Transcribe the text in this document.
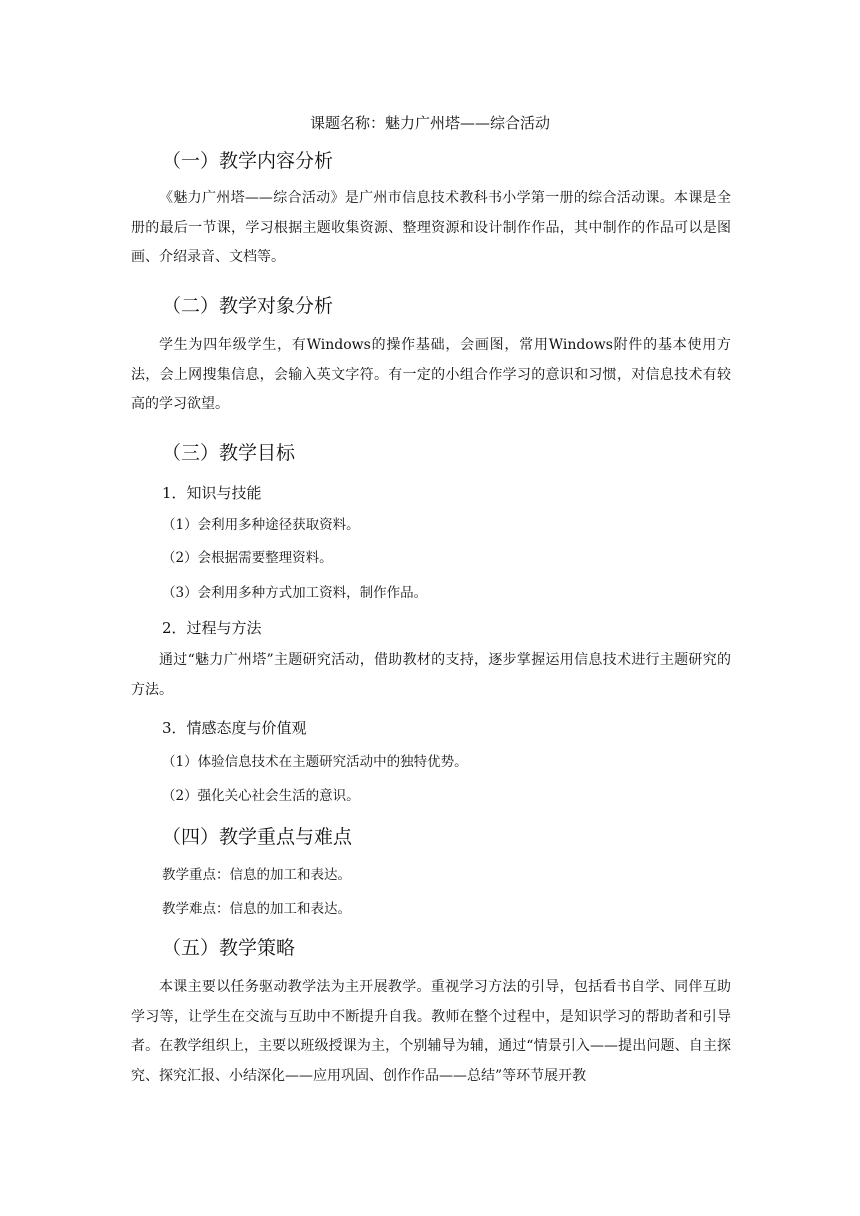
课题名称：魅力广州塔——综合活动
（一）教学内容分析
《魅力广州塔——综合活动》是广州市信息技术教科书小学第一册的综合活动课。本课是全册的最后一节课，学习根据主题收集资源、整理资源和设计制作作品，其中制作的作品可以是图画、介绍录音、文档等。
（二）教学对象分析
学生为四年级学生，有Windows的操作基础，会画图，常用Windows附件的基本使用方法，会上网搜集信息，会输入英文字符。有一定的小组合作学习的意识和习惯，对信息技术有较高的学习欲望。
（三）教学目标
1．知识与技能
（1）会利用多种途径获取资料。
（2）会根据需要整理资料。
（3）会利用多种方式加工资料，制作作品。
2．过程与方法
通过“魅力广州塔”主题研究活动，借助教材的支持，逐步掌握运用信息技术进行主题研究的方法。
3．情感态度与价值观
（1）体验信息技术在主题研究活动中的独特优势。
（2）强化关心社会生活的意识。
（四）教学重点与难点
教学重点：信息的加工和表达。
教学难点：信息的加工和表达。
（五）教学策略
本课主要以任务驱动教学法为主开展教学。重视学习方法的引导，包括看书自学、同伴互助学习等，让学生在交流与互助中不断提升自我。教师在整个过程中，是知识学习的帮助者和引导者。在教学组织上，主要以班级授课为主，个别辅导为辅，通过“情景引入——提出问题、自主探究、探究汇报、小结深化——应用巩固、创作作品——总结”等环节展开教
